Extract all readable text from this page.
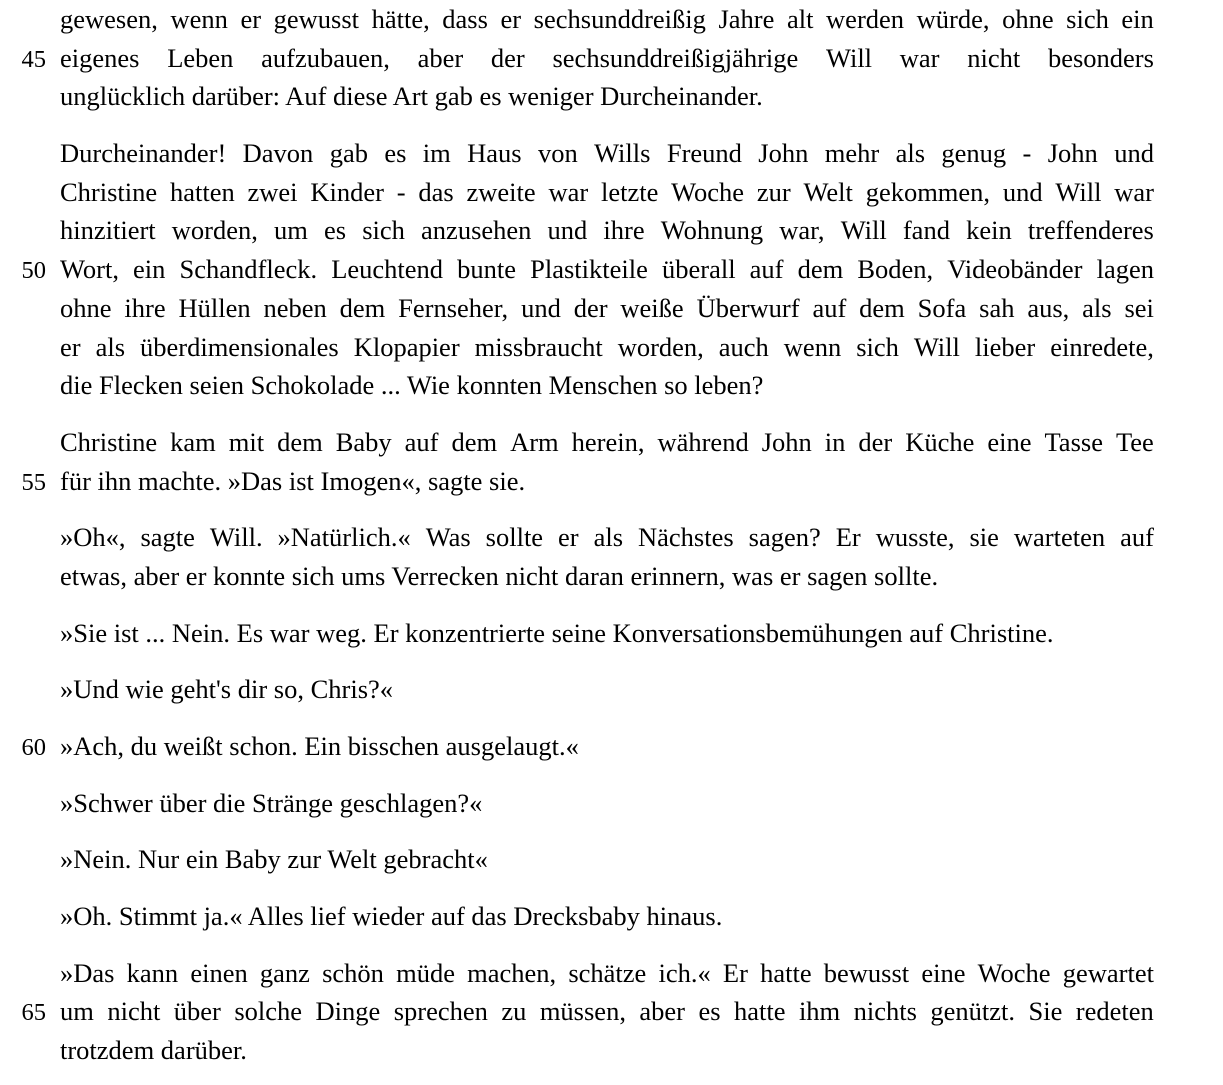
gewesen, wenn er gewusst hätte, dass er sechsunddreißig Jahre alt werden würde, ohne sich ein
45 eigenes Leben aufzubauen, aber der sechsunddreißigjährige Will war nicht besonders
unglücklich darüber: Auf diese Art gab es weniger Durcheinander.
Durcheinander! Davon gab es im Haus von Wills Freund John mehr als genug - John und
Christine hatten zwei Kinder - das zweite war letzte Woche zur Welt gekommen, und Will war
hinzitiert worden, um es sich anzusehen und ihre Wohnung war, Will fand kein treffenderes
50 Wort, ein Schandfleck. Leuchtend bunte Plastikteile überall auf dem Boden, Videobänder lagen
ohne ihre Hüllen neben dem Fernseher, und der weiße Überwurf auf dem Sofa sah aus, als sei
er als überdimensionales Klopapier missbraucht worden, auch wenn sich Will lieber einredete,
die Flecken seien Schokolade ... Wie konnten Menschen so leben?
Christine kam mit dem Baby auf dem Arm herein, während John in der Küche eine Tasse Tee
55 für ihn machte. »Das ist Imogen«, sagte sie.
»Oh«, sagte Will. »Natürlich.« Was sollte er als Nächstes sagen? Er wusste, sie warteten auf
etwas, aber er konnte sich ums Verrecken nicht daran erinnern, was er sagen sollte.
»Sie ist ... Nein. Es war weg. Er konzentrierte seine Konversationsbemühungen auf Christine.
»Und wie geht's dir so, Chris?«
60 »Ach, du weißt schon. Ein bisschen ausgelaugt.«
»Schwer über die Stränge geschlagen?«
»Nein. Nur ein Baby zur Welt gebracht«
»Oh. Stimmt ja.« Alles lief wieder auf das Drecksbaby hinaus.
»Das kann einen ganz schön müde machen, schätze ich.« Er hatte bewusst eine Woche gewartet
65 um nicht über solche Dinge sprechen zu müssen, aber es hatte ihm nichts genützt. Sie redeten
trotzdem darüber.
